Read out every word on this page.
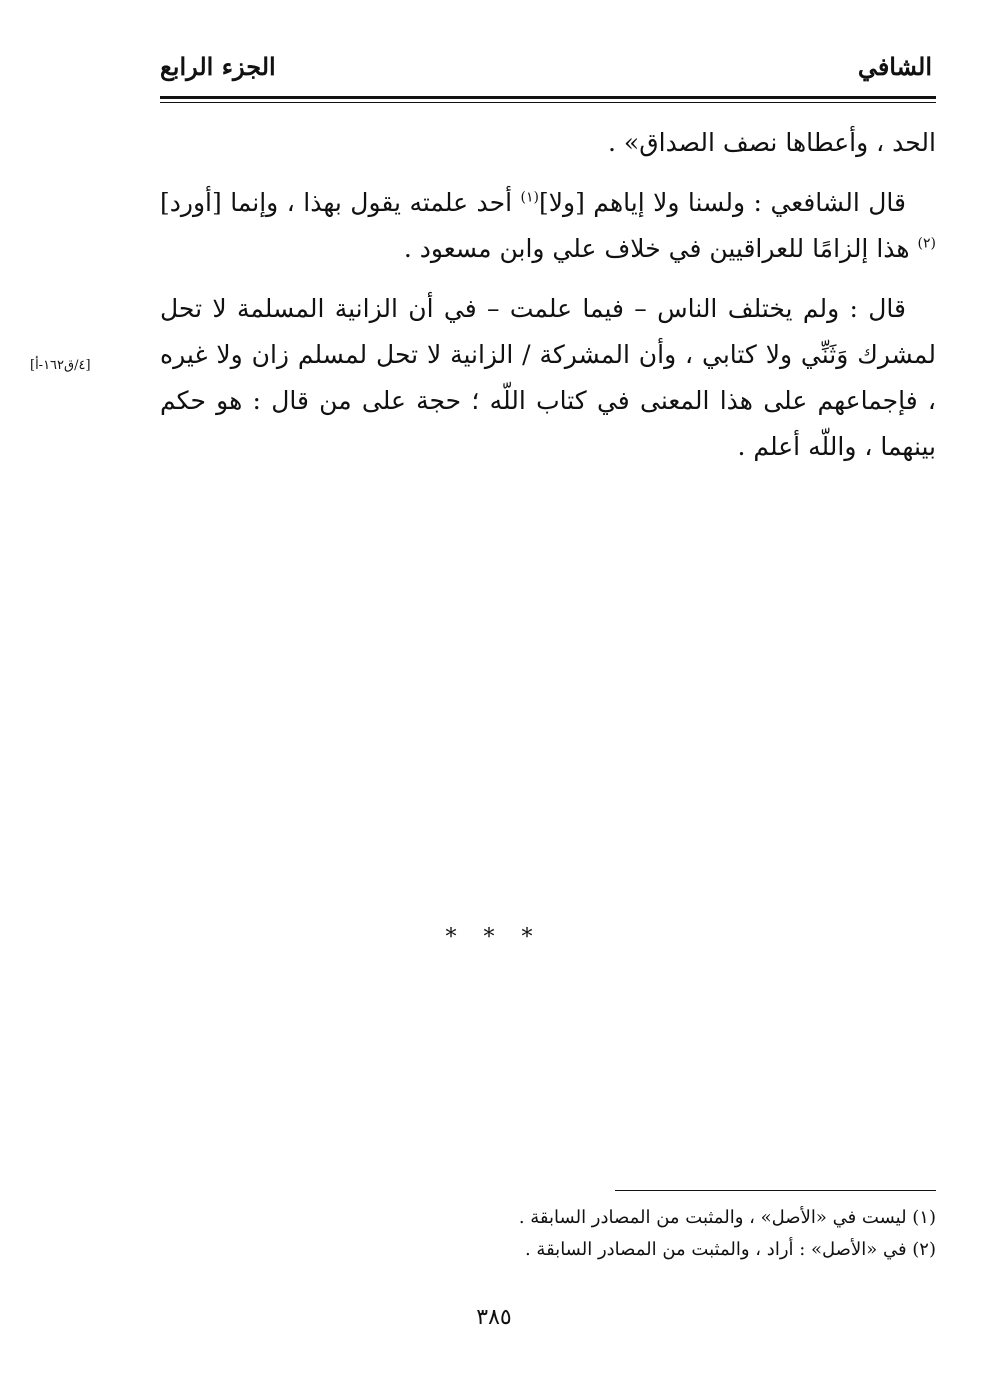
الشافي
الجزء الرابع

الحد ، وأعطاها نصف الصداق» .

قال الشافعي : ولسنا ولا إياهم [ولا]$^{(١)}$ أحد علمته يقول بهذا ، وإنما [أورد]$^{(٢)}$ هذا إلزامًا للعراقيين في خلاف علي وابن مسعود .

قال : ولم يختلف الناس – فيما علمت – في أن الزانية المسلمة لا تحل لمشرك وَثَنِّي ولا كتابي ، وأن المشركة / الزانية لا تحل لمسلم زان ولا غيره ، فإجماعهم على هذا المعنى في كتاب اللّه ؛ حجة على من قال : هو حكم بينهما ، واللّه أعلم .

[٤/ق١٦٢-أ]
* * *
(١) ليست في «الأصل» ، والمثبت من المصادر السابقة .
(٢) في «الأصل» : أراد ، والمثبت من المصادر السابقة .
٣٨٥
